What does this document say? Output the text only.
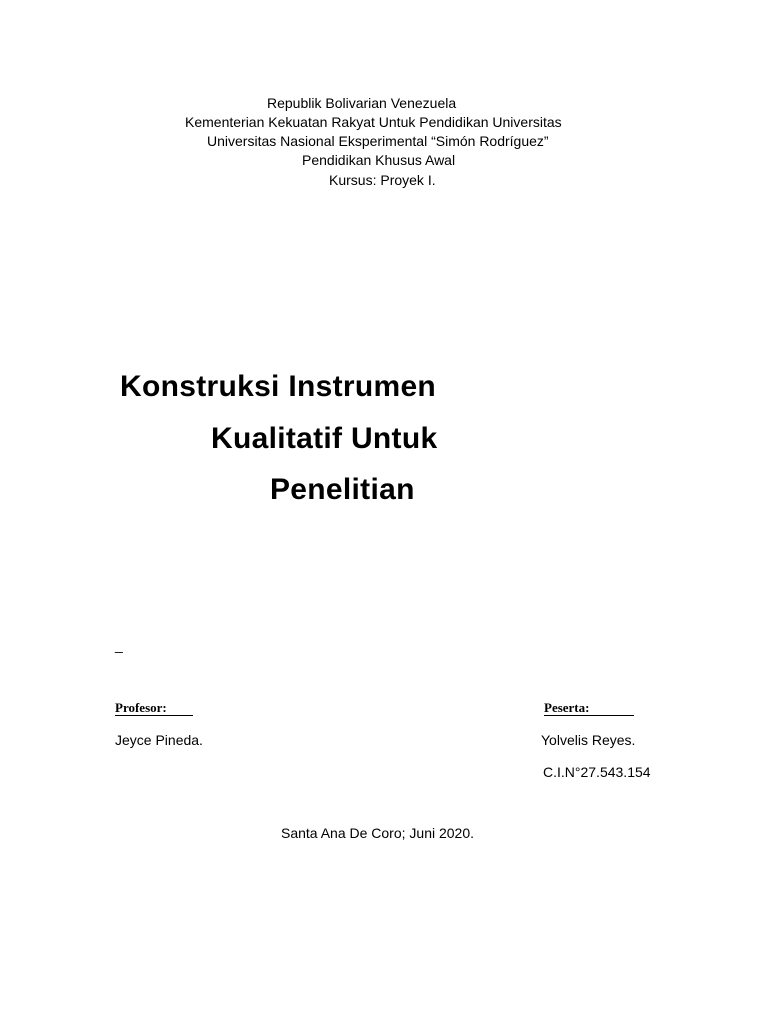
Republik Bolivarian Venezuela
Kementerian Kekuatan Rakyat Untuk Pendidikan Universitas
Universitas Nasional Eksperimental “Simón Rodríguez”
Pendidikan Khusus Awal
Kursus: Proyek I.
Konstruksi Instrumen
Kualitatif Untuk
Penelitian
_
Profesor:	Peserta:
Jeyce Pineda.	Yolvelis Reyes.
C.I.N°27.543.154
Santa Ana De Coro; Juni 2020.
